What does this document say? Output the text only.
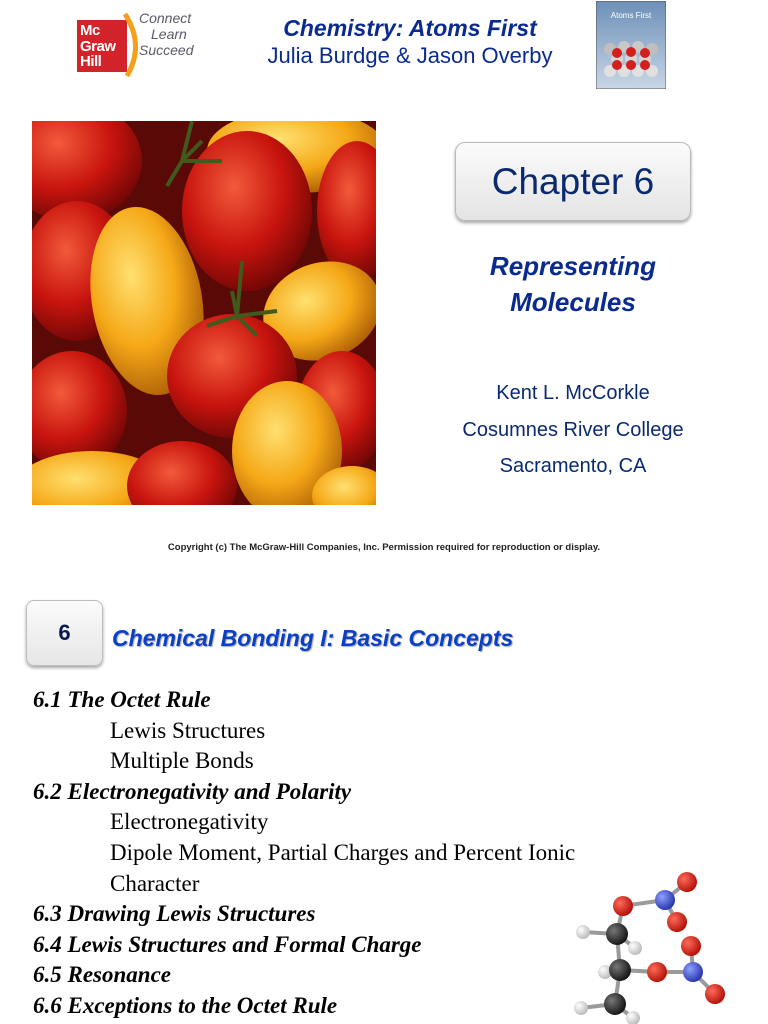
Mc
Graw
Hill
Connect
Learn
Succeed
Chemistry: Atoms First
Julia Burdge & Jason Overby
Atoms First
Chapter 6
Representing
Molecules
Kent L. McCorkle
Cosumnes River College
Sacramento, CA
Copyright (c) The McGraw-Hill Companies, Inc. Permission required for reproduction or display.
6	Chemical Bonding I: Basic Concepts
6.1 The Octet Rule
Lewis Structures
Multiple Bonds
6.2 Electronegativity and Polarity
Electronegativity
Dipole Moment, Partial Charges and Percent Ionic Character
6.3 Drawing Lewis Structures
6.4 Lewis Structures and Formal Charge
6.5 Resonance
6.6 Exceptions to the Octet Rule
